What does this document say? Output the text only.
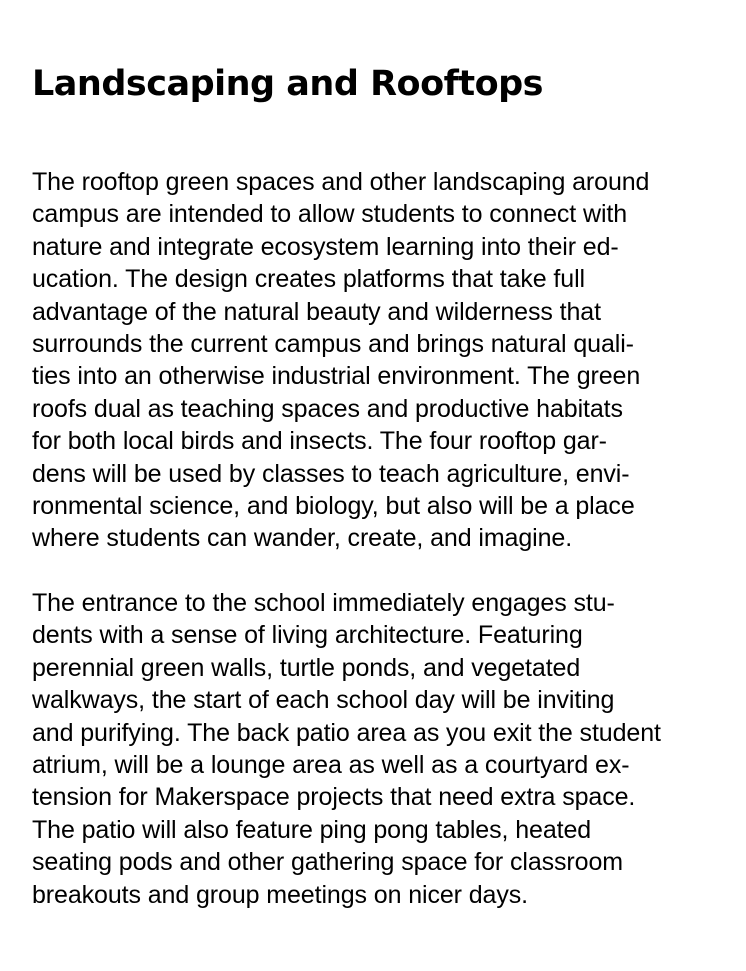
Landscaping and Rooftops

The rooftop green spaces and other landscaping around
campus are intended to allow students to connect with
nature and integrate ecosystem learning into their ed-
ucation. The design creates platforms that take full
advantage of the natural beauty and wilderness that
surrounds the current campus and brings natural quali-
ties into an otherwise industrial environment. The green
roofs dual as teaching spaces and productive habitats
for both local birds and insects. The four rooftop gar-
dens will be used by classes to teach agriculture, envi-
ronmental science, and biology, but also will be a place
where students can wander, create, and imagine.

The entrance to the school immediately engages stu-
dents with a sense of living architecture. Featuring
perennial green walls, turtle ponds, and vegetated
walkways, the start of each school day will be inviting
and purifying. The back patio area as you exit the student
atrium, will be a lounge area as well as a courtyard ex-
tension for Makerspace projects that need extra space.
The patio will also feature ping pong tables, heated
seating pods and other gathering space for classroom
breakouts and group meetings on nicer days.
